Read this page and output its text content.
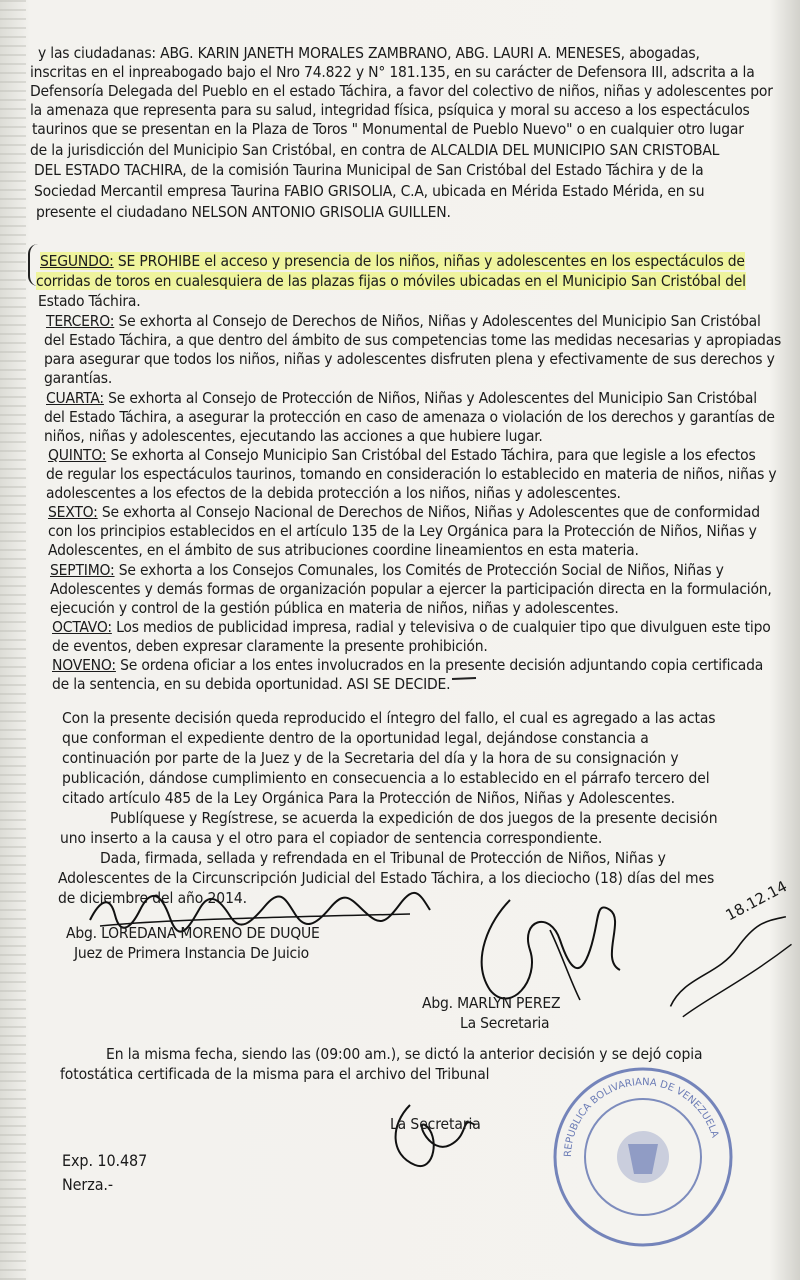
y las ciudadanas: ABG. KARIN JANETH MORALES ZAMBRANO, ABG. LAURI A. MENESES, abogadas,
inscritas en el inpreabogado bajo el Nro 74.822 y N° 181.135, en su carácter de Defensora III, adscrita a la
Defensoría Delegada del Pueblo en el estado Táchira, a favor del colectivo de niños, niñas y adolescentes por
la amenaza que representa para su salud, integridad física, psíquica y moral su acceso a los espectáculos
taurinos que se presentan en la Plaza de Toros " Monumental de Pueblo Nuevo" o en cualquier otro lugar
de la jurisdicción del Municipio San Cristóbal, en contra de ALCALDIA DEL MUNICIPIO SAN CRISTOBAL
DEL ESTADO TACHIRA, de la comisión Taurina Municipal de San Cristóbal del Estado Táchira y de la
Sociedad Mercantil empresa Taurina FABIO GRISOLIA, C.A, ubicada en Mérida Estado Mérida, en su
presente el ciudadano NELSON ANTONIO GRISOLIA GUILLEN.
SEGUNDO: SE PROHIBE el acceso y presencia de los niños, niñas y adolescentes en los espectáculos de
corridas de toros en cualesquiera de las plazas fijas o móviles ubicadas en el Municipio San Cristóbal del
Estado Táchira.
TERCERO: Se exhorta al Consejo de Derechos de Niños, Niñas y Adolescentes del Municipio San Cristóbal
del Estado Táchira, a que dentro del ámbito de sus competencias tome las medidas necesarias y apropiadas
para asegurar que todos los niños, niñas y adolescentes disfruten plena y efectivamente de sus derechos y
garantías.
CUARTA: Se exhorta al Consejo de Protección de Niños, Niñas y Adolescentes del Municipio San Cristóbal
del Estado Táchira, a asegurar la protección en caso de amenaza o violación de los derechos y garantías de
niños, niñas y adolescentes, ejecutando las acciones a que hubiere lugar.
QUINTO: Se exhorta al Consejo Municipio San Cristóbal del Estado Táchira, para que legisle a los efectos
de regular los espectáculos taurinos, tomando en consideración lo establecido en materia de niños, niñas y
adolescentes a los efectos de la debida protección a los niños, niñas y adolescentes.
SEXTO: Se exhorta al Consejo Nacional de Derechos de Niños, Niñas y Adolescentes que de conformidad
con los principios establecidos en el artículo 135 de la Ley Orgánica para la Protección de Niños, Niñas y
Adolescentes, en el ámbito de sus atribuciones coordine lineamientos en esta materia.
SEPTIMO: Se exhorta a los Consejos Comunales, los Comités de Protección Social de Niños, Niñas y
Adolescentes y demás formas de organización popular a ejercer la participación directa en la formulación,
ejecución y control de la gestión pública en materia de niños, niñas y adolescentes.
OCTAVO: Los medios de publicidad impresa, radial y televisiva o de cualquier tipo que divulguen este tipo
de eventos, deben expresar claramente la presente prohibición.
NOVENO: Se ordena oficiar a los entes involucrados en la presente decisión adjuntando copia certificada
de la sentencia, en su debida oportunidad. ASI SE DECIDE.
Con la presente decisión queda reproducido el íntegro del fallo, el cual es agregado a las actas
que conforman el expediente dentro de la oportunidad legal, dejándose constancia a
continuación por parte de la Juez y de la Secretaria del día y la hora de su consignación y
publicación, dándose cumplimiento en consecuencia a lo establecido en el párrafo tercero del
citado artículo 485 de la Ley Orgánica Para la Protección de Niños, Niñas y Adolescentes.
Publíquese y Regístrese, se acuerda la expedición de dos juegos de la presente decisión
uno inserto a la causa y el otro para el copiador de sentencia correspondiente.
Dada, firmada, sellada y refrendada en el Tribunal de Protección de Niños, Niñas y
Adolescentes de la Circunscripción Judicial del Estado Táchira, a los dieciocho (18) días del mes
de diciembre del año 2014.
Abg. LOREDANA MORENO DE DUQUE
Juez de Primera Instancia De Juicio
Abg. MARLYN PEREZ
La Secretaria
18.12.14
En la misma fecha, siendo las (09:00 am.), se dictó la anterior decisión y se dejó copia
fotostática certificada de la misma para el archivo del Tribunal
La Secretaria
Exp. 10.487
Nerza.-
REPUBLICA BOLIVARIANA DE VENEZUELA
